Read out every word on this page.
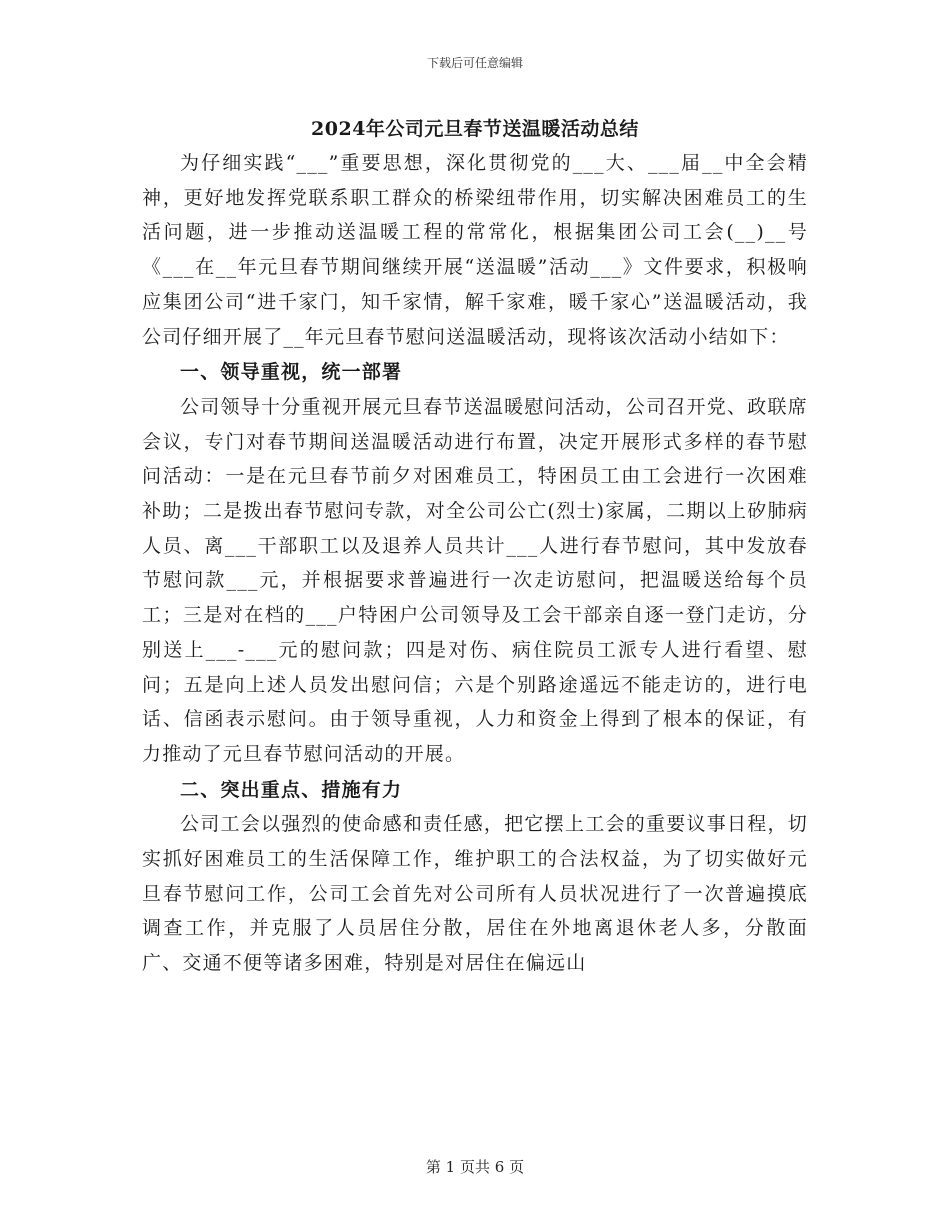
下载后可任意编辑
2024年公司元旦春节送温暖活动总结

为仔细实践“___”重要思想，深化贯彻党的___大、___届__中全会精神，更好地发挥党联系职工群众的桥梁纽带作用，切实解决困难员工的生活问题，进一步推动送温暖工程的常常化，根据集团公司工会(__)__号《___在__年元旦春节期间继续开展“送温暖”活动___》文件要求，积极响应集团公司“进千家门，知千家情，解千家难，暖千家心”送温暖活动，我公司仔细开展了__年元旦春节慰问送温暖活动，现将该次活动小结如下：

一、领导重视，统一部署

公司领导十分重视开展元旦春节送温暖慰问活动，公司召开党、政联席会议，专门对春节期间送温暖活动进行布置，决定开展形式多样的春节慰问活动：一是在元旦春节前夕对困难员工，特困员工由工会进行一次困难补助；二是拨出春节慰问专款，对全公司公亡(烈士)家属，二期以上矽肺病人员、离___干部职工以及退养人员共计___人进行春节慰问，其中发放春节慰问款___元，并根据要求普遍进行一次走访慰问，把温暖送给每个员工；三是对在档的___户特困户公司领导及工会干部亲自逐一登门走访，分别送上___-___元的慰问款；四是对伤、病住院员工派专人进行看望、慰问；五是向上述人员发出慰问信；六是个别路途遥远不能走访的，进行电话、信函表示慰问。由于领导重视，人力和资金上得到了根本的保证，有力推动了元旦春节慰问活动的开展。

二、突出重点、措施有力

公司工会以强烈的使命感和责任感，把它摆上工会的重要议事日程，切实抓好困难员工的生活保障工作，维护职工的合法权益，为了切实做好元旦春节慰问工作，公司工会首先对公司所有人员状况进行了一次普遍摸底调查工作，并克服了人员居住分散，居住在外地离退休老人多，分散面广、交通不便等诸多困难，特别是对居住在偏远山

第 1 页共 6 页
